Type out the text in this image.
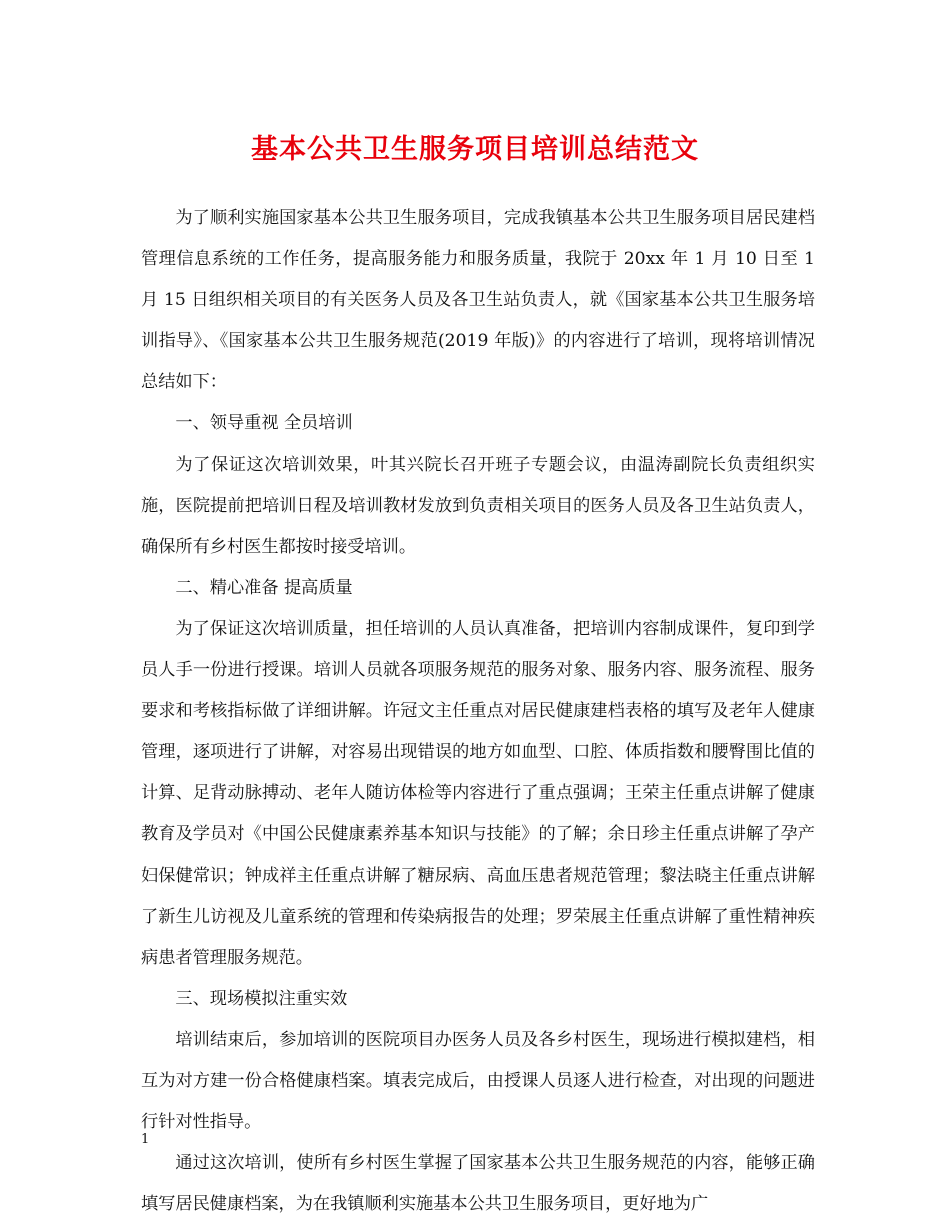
基本公共卫生服务项目培训总结范文

为了顺利实施国家基本公共卫生服务项目，完成我镇基本公共卫生服务项目居民建档管理信息系统的工作任务，提高服务能力和服务质量，我院于 20xx 年 1 月 10 日至 1 月 15 日组织相关项目的有关医务人员及各卫生站负责人，就《国家基本公共卫生服务培训指导》、《国家基本公共卫生服务规范(2019 年版)》的内容进行了培训，现将培训情况总结如下：

一、领导重视 全员培训

为了保证这次培训效果，叶其兴院长召开班子专题会议，由温涛副院长负责组织实施，医院提前把培训日程及培训教材发放到负责相关项目的医务人员及各卫生站负责人，确保所有乡村医生都按时接受培训。

二、精心准备 提高质量

为了保证这次培训质量，担任培训的人员认真准备，把培训内容制成课件，复印到学员人手一份进行授课。培训人员就各项服务规范的服务对象、服务内容、服务流程、服务要求和考核指标做了详细讲解。许冠文主任重点对居民健康建档表格的填写及老年人健康管理，逐项进行了讲解，对容易出现错误的地方如血型、口腔、体质指数和腰臀围比值的计算、足背动脉搏动、老年人随访体检等内容进行了重点强调；王荣主任重点讲解了健康教育及学员对《中国公民健康素养基本知识与技能》的了解；余日珍主任重点讲解了孕产妇保健常识；钟成祥主任重点讲解了糖尿病、高血压患者规范管理；黎法晓主任重点讲解了新生儿访视及儿童系统的管理和传染病报告的处理；罗荣展主任重点讲解了重性精神疾病患者管理服务规范。

三、现场模拟注重实效

培训结束后，参加培训的医院项目办医务人员及各乡村医生，现场进行模拟建档，相互为对方建一份合格健康档案。填表完成后，由授课人员逐人进行检查，对出现的问题进行针对性指导。

通过这次培训，使所有乡村医生掌握了国家基本公共卫生服务规范的内容，能够正确填写居民健康档案，为在我镇顺利实施基本公共卫生服务项目，更好地为广

1
